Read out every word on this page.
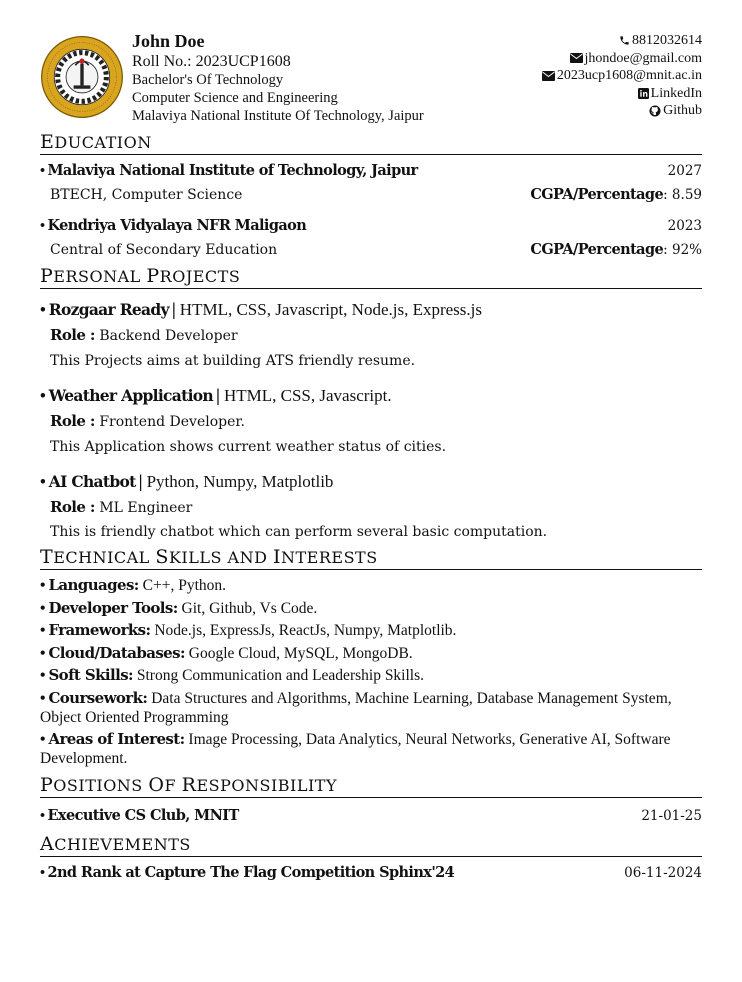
John Doe
Roll No.: 2023UCP1608
Bachelor's Of Technology
Computer Science and Engineering
Malaviya National Institute Of Technology, Jaipur
8812032614
jhondoe@gmail.com
2023ucp1608@mnit.ac.in
LinkedIn
Github
EDUCATION
• Malaviya National Institute of Technology, Jaipur	2027
BTECH, Computer Science	CGPA/Percentage: 8.59
• Kendriya Vidyalaya NFR Maligaon	2023
Central of Secondary Education	CGPA/Percentage: 92%
PERSONAL PROJECTS
• Rozgaar Ready | HTML, CSS, Javascript, Node.js, Express.js
Role : Backend Developer
This Projects aims at building ATS friendly resume.
• Weather Application | HTML, CSS, Javascript.
Role : Frontend Developer.
This Application shows current weather status of cities.
• AI Chatbot | Python, Numpy, Matplotlib
Role : ML Engineer
This is friendly chatbot which can perform several basic computation.
TECHNICAL SKILLS AND INTERESTS
• Languages: C++, Python.
• Developer Tools: Git, Github, Vs Code.
• Frameworks: Node.js, ExpressJs, ReactJs, Numpy, Matplotlib.
• Cloud/Databases: Google Cloud, MySQL, MongoDB.
• Soft Skills: Strong Communication and Leadership Skills.
• Coursework: Data Structures and Algorithms, Machine Learning, Database Management System, Object Oriented Programming
• Areas of Interest: Image Processing, Data Analytics, Neural Networks, Generative AI, Software Development.
POSITIONS OF RESPONSIBILITY
• Executive CS Club, MNIT	21-01-25
ACHIEVEMENTS
• 2nd Rank at Capture The Flag Competition Sphinx'24	06-11-2024
